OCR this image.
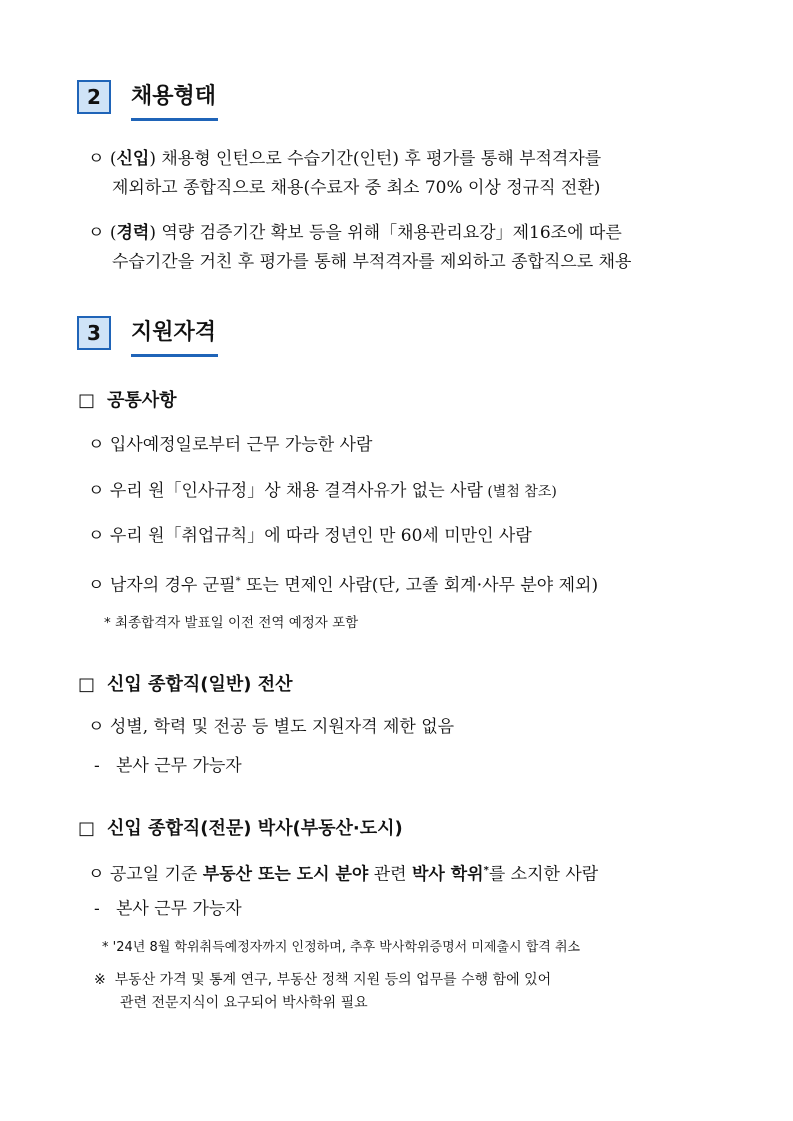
2	채용형태
ㅇ (신입) 채용형 인턴으로 수습기간(인턴) 후 평가를 통해 부적격자를
제외하고 종합직으로 채용(수료자 중 최소 70% 이상 정규직 전환)
ㅇ (경력) 역량 검증기간 확보 등을 위해「채용관리요강」제16조에 따른
수습기간을 거친 후 평가를 통해 부적격자를 제외하고 종합직으로 채용
3	지원자격
□ 공통사항
ㅇ 입사예정일로부터 근무 가능한 사람
ㅇ 우리 원「인사규정」상 채용 결격사유가 없는 사람 (별첨 참조)
ㅇ 우리 원「취업규칙」에 따라 정년인 만 60세 미만인 사람
ㅇ 남자의 경우 군필* 또는 면제인 사람(단, 고졸 회계·사무 분야 제외)
* 최종합격자 발표일 이전 전역 예정자 포함
□ 신입 종합직(일반) 전산
ㅇ 성별, 학력 및 전공 등 별도 지원자격 제한 없음
- 본사 근무 가능자
□ 신입 종합직(전문) 박사(부동산·도시)
ㅇ 공고일 기준 부동산 또는 도시 분야 관련 박사 학위*를 소지한 사람
- 본사 근무 가능자
* '24년 8월 학위취득예정자까지 인정하며, 추후 박사학위증명서 미제출시 합격 취소
※ 부동산 가격 및 통계 연구, 부동산 정책 지원 등의 업무를 수행 함에 있어
관련 전문지식이 요구되어 박사학위 필요
